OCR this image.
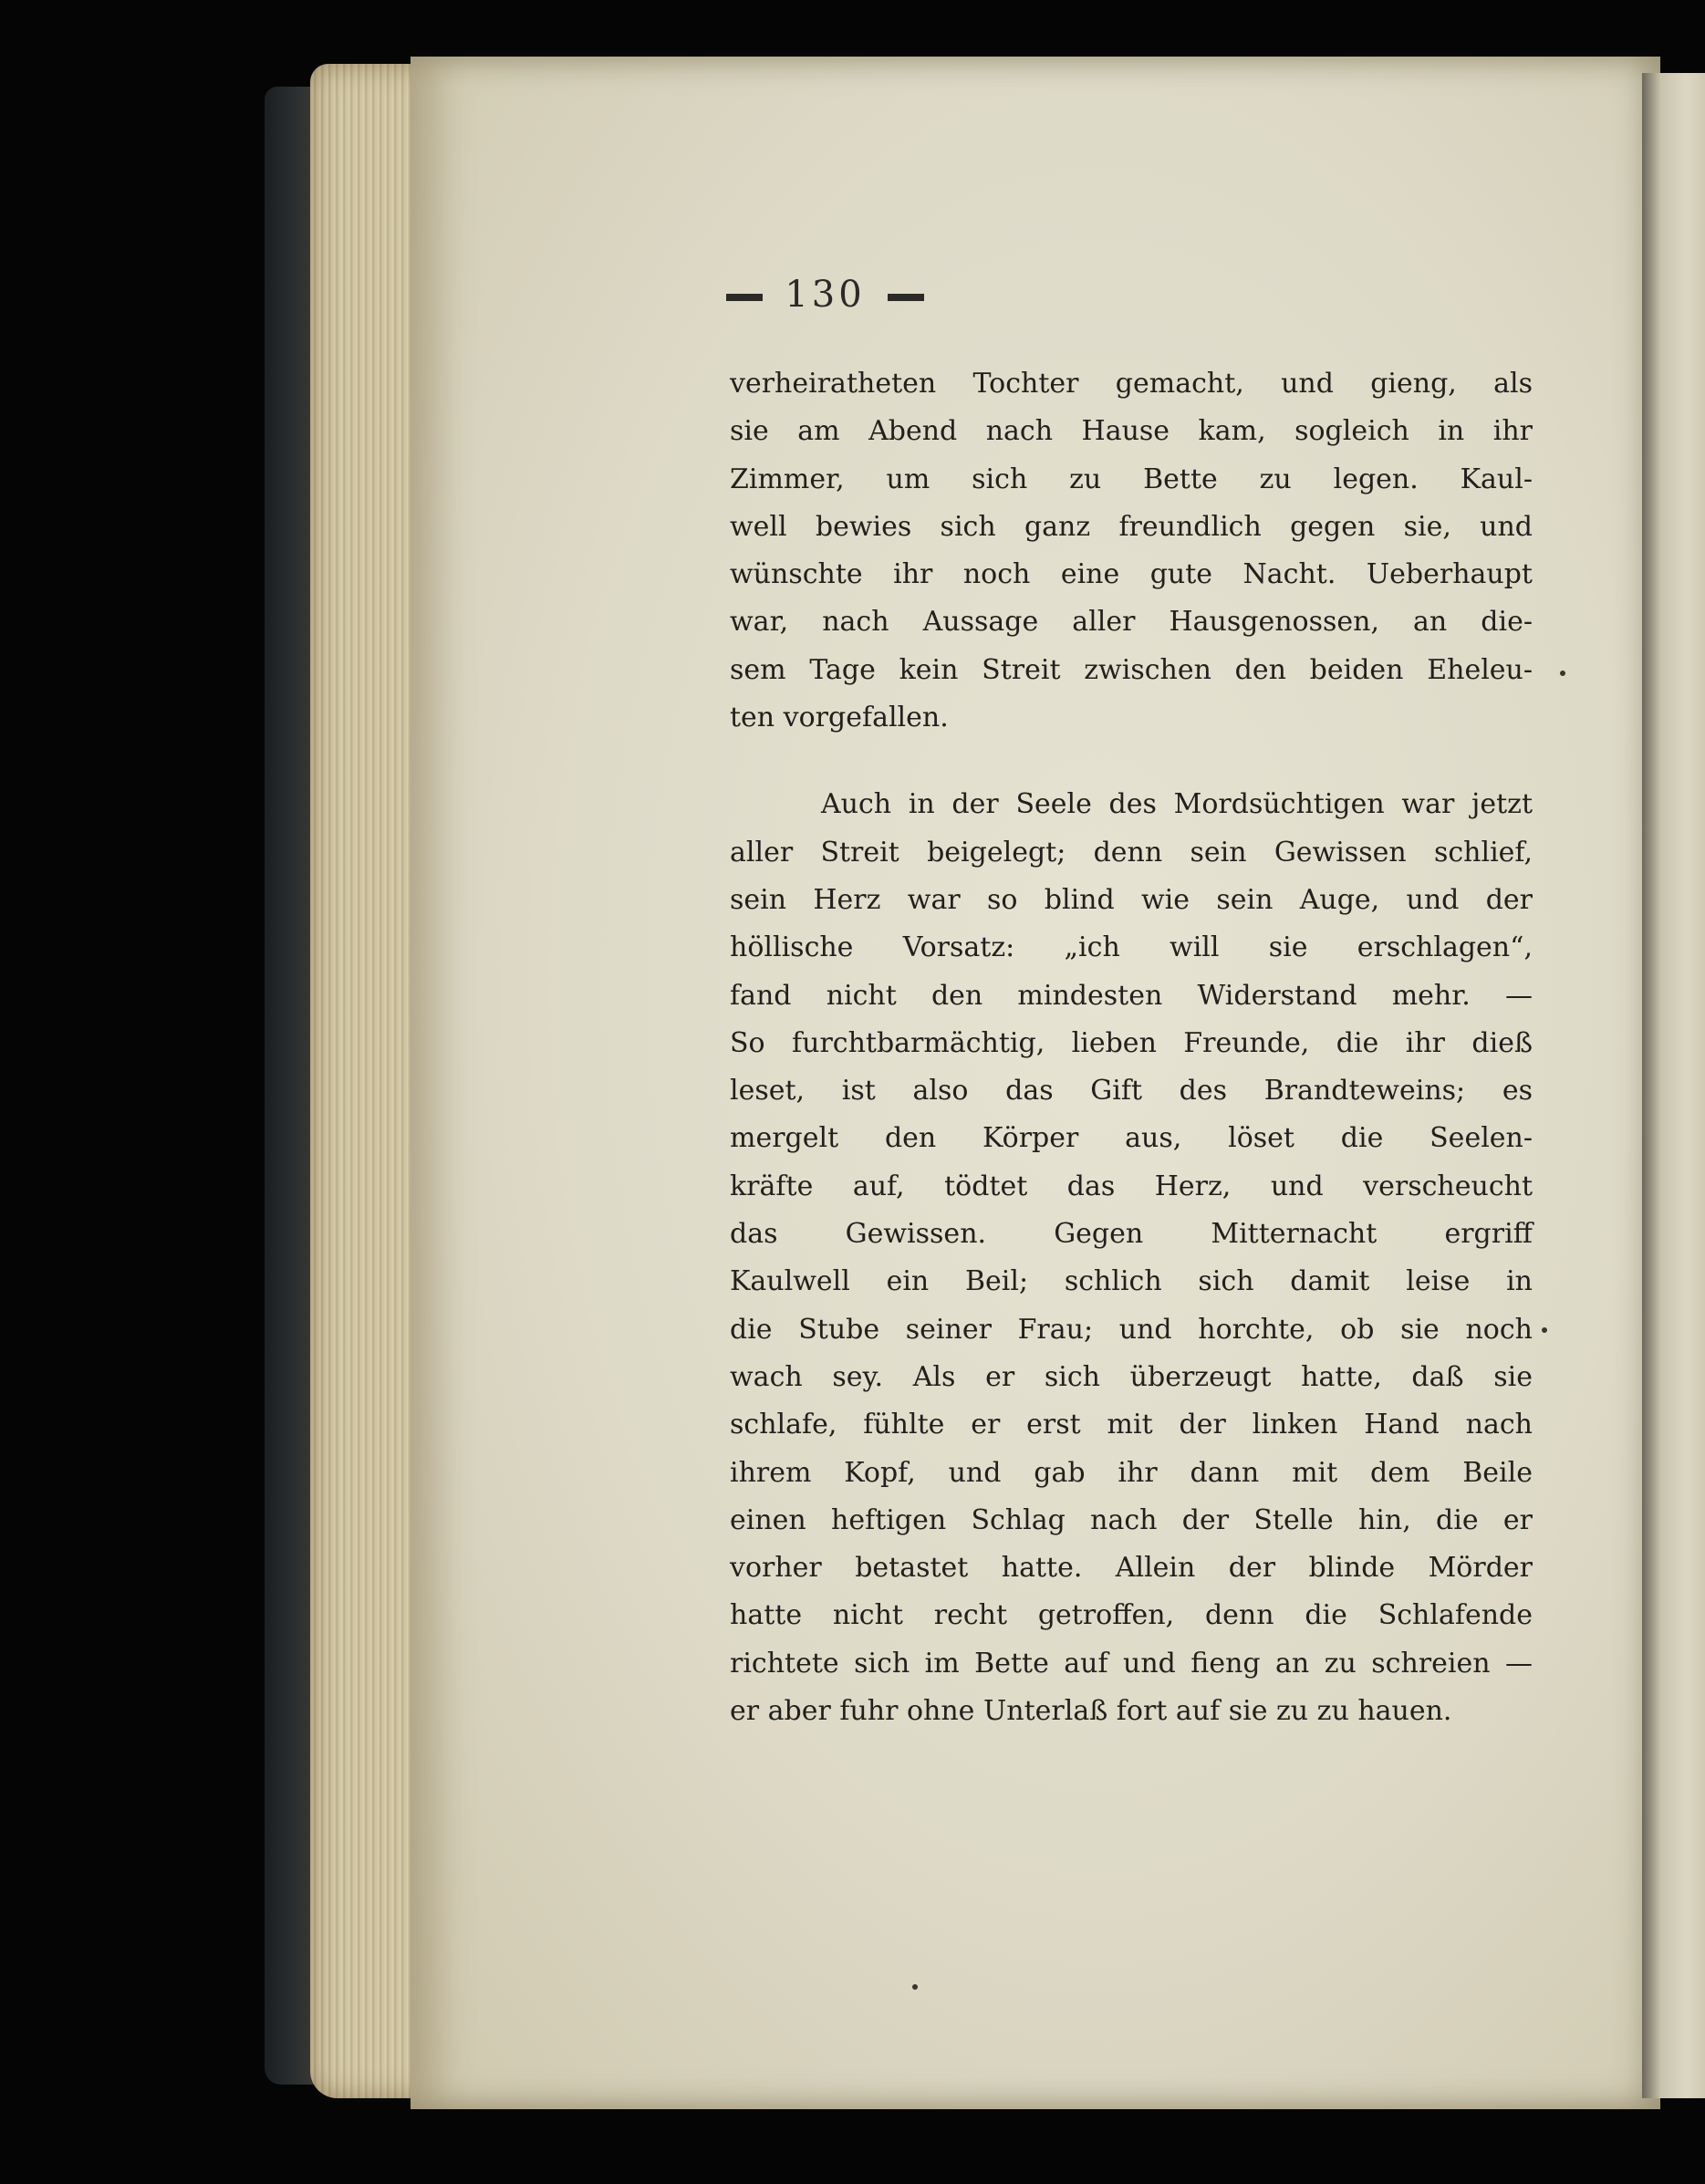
130

verheiratheten Tochter gemacht, und gieng, als
sie am Abend nach Hause kam, sogleich in ihr
Zimmer, um sich zu Bette zu legen. Kaul-
well bewies sich ganz freundlich gegen sie, und
wünschte ihr noch eine gute Nacht. Ueberhaupt
war, nach Aussage aller Hausgenossen, an die-
sem Tage kein Streit zwischen den beiden Eheleu-
ten vorgefallen.

Auch in der Seele des Mordsüchtigen war jetzt
aller Streit beigelegt; denn sein Gewissen schlief,
sein Herz war so blind wie sein Auge, und der
höllische Vorsatz: „ich will sie erschlagen“,
fand nicht den mindesten Widerstand mehr. —
So furchtbarmächtig, lieben Freunde, die ihr dieß
leset, ist also das Gift des Brandteweins; es
mergelt den Körper aus, löset die Seelen-
kräfte auf, tödtet das Herz, und verscheucht
das Gewissen. Gegen Mitternacht ergriff
Kaulwell ein Beil; schlich sich damit leise in
die Stube seiner Frau; und horchte, ob sie noch
wach sey. Als er sich überzeugt hatte, daß sie
schlafe, fühlte er erst mit der linken Hand nach
ihrem Kopf, und gab ihr dann mit dem Beile
einen heftigen Schlag nach der Stelle hin, die er
vorher betastet hatte. Allein der blinde Mörder
hatte nicht recht getroffen, denn die Schlafende
richtete sich im Bette auf und fieng an zu schreien —
er aber fuhr ohne Unterlaß fort auf sie zu zu hauen.
